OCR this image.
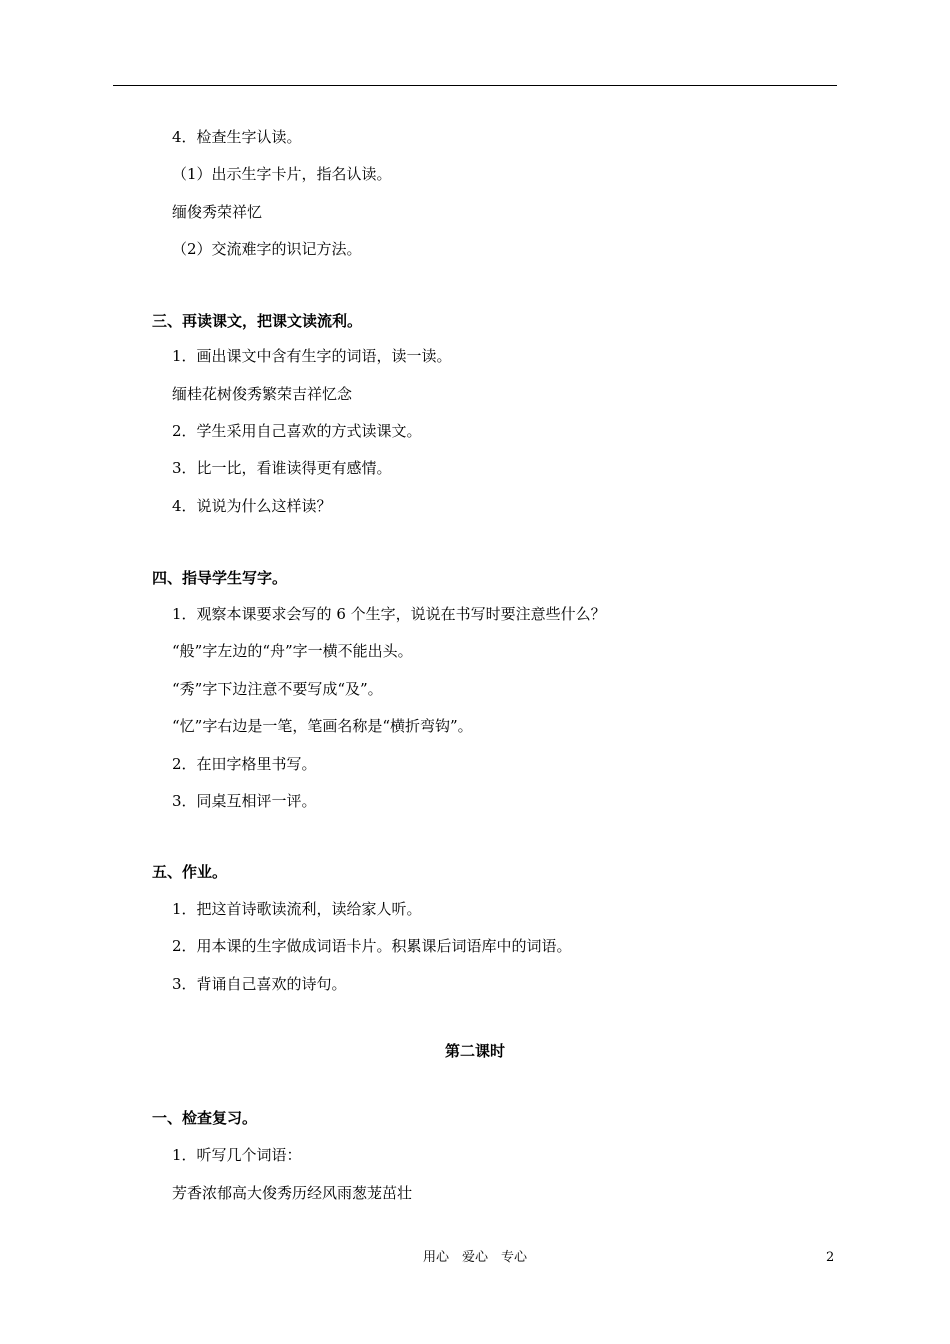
4．检查生字认读。
（1）出示生字卡片，指名认读。
缅俊秀荣祥忆
（2）交流难字的识记方法。
三、再读课文，把课文读流利。
1．画出课文中含有生字的词语，读一读。
缅桂花树俊秀繁荣吉祥忆念
2．学生采用自己喜欢的方式读课文。
3．比一比，看谁读得更有感情。
4．说说为什么这样读？
四、指导学生写字。
1．观察本课要求会写的 6 个生字，说说在书写时要注意些什么？
“般”字左边的“舟”字一横不能出头。
“秀”字下边注意不要写成“及”。
“忆”字右边是一笔，笔画名称是“横折弯钩”。
2．在田字格里书写。
3．同桌互相评一评。
五、作业。
1．把这首诗歌读流利，读给家人听。
2．用本课的生字做成词语卡片。积累课后词语库中的词语。
3．背诵自己喜欢的诗句。
第二课时
一、检查复习。
1．听写几个词语：
芳香浓郁高大俊秀历经风雨葱茏茁壮
用心　爱心　专心	2
